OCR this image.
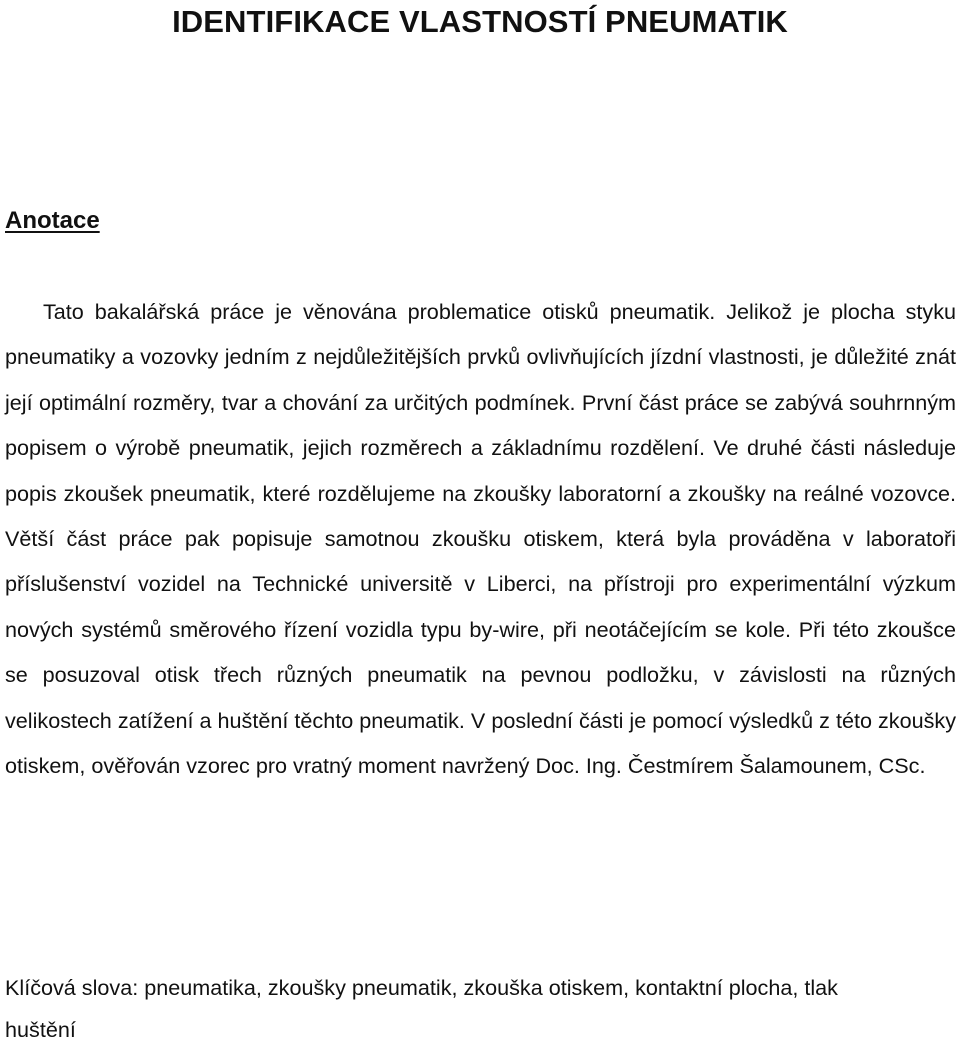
IDENTIFIKACE VLASTNOSTÍ PNEUMATIK
Anotace

Tato bakalářská práce je věnována problematice otisků pneumatik. Jelikož je plocha styku pneumatiky a vozovky jedním z nejdůležitějších prvků ovlivňujících jízdní vlastnosti, je důležité znát její optimální rozměry, tvar a chování za určitých podmínek. První část práce se zabývá souhrnným popisem o výrobě pneumatik, jejich rozměrech a základnímu rozdělení. Ve druhé části následuje popis zkoušek pneumatik, které rozdělujeme na zkoušky laboratorní a zkoušky na reálné vozovce. Větší část práce pak popisuje samotnou zkoušku otiskem, která byla prováděna v laboratoři příslušenství vozidel na Technické universitě v Liberci, na přístroji pro experimentální výzkum nových systémů směrového řízení vozidla typu by-wire, při neotáčejícím se kole. Při této zkoušce se posuzoval otisk třech různých pneumatik na pevnou podložku, v závislosti na různých velikostech zatížení a huštění těchto pneumatik. V poslední části je pomocí výsledků z této zkoušky otiskem, ověřován vzorec pro vratný moment navržený Doc. Ing. Čestmírem Šalamounem, CSc.

Klíčová slova: pneumatika, zkoušky pneumatik, zkouška otiskem, kontaktní plocha, tlak huštění
